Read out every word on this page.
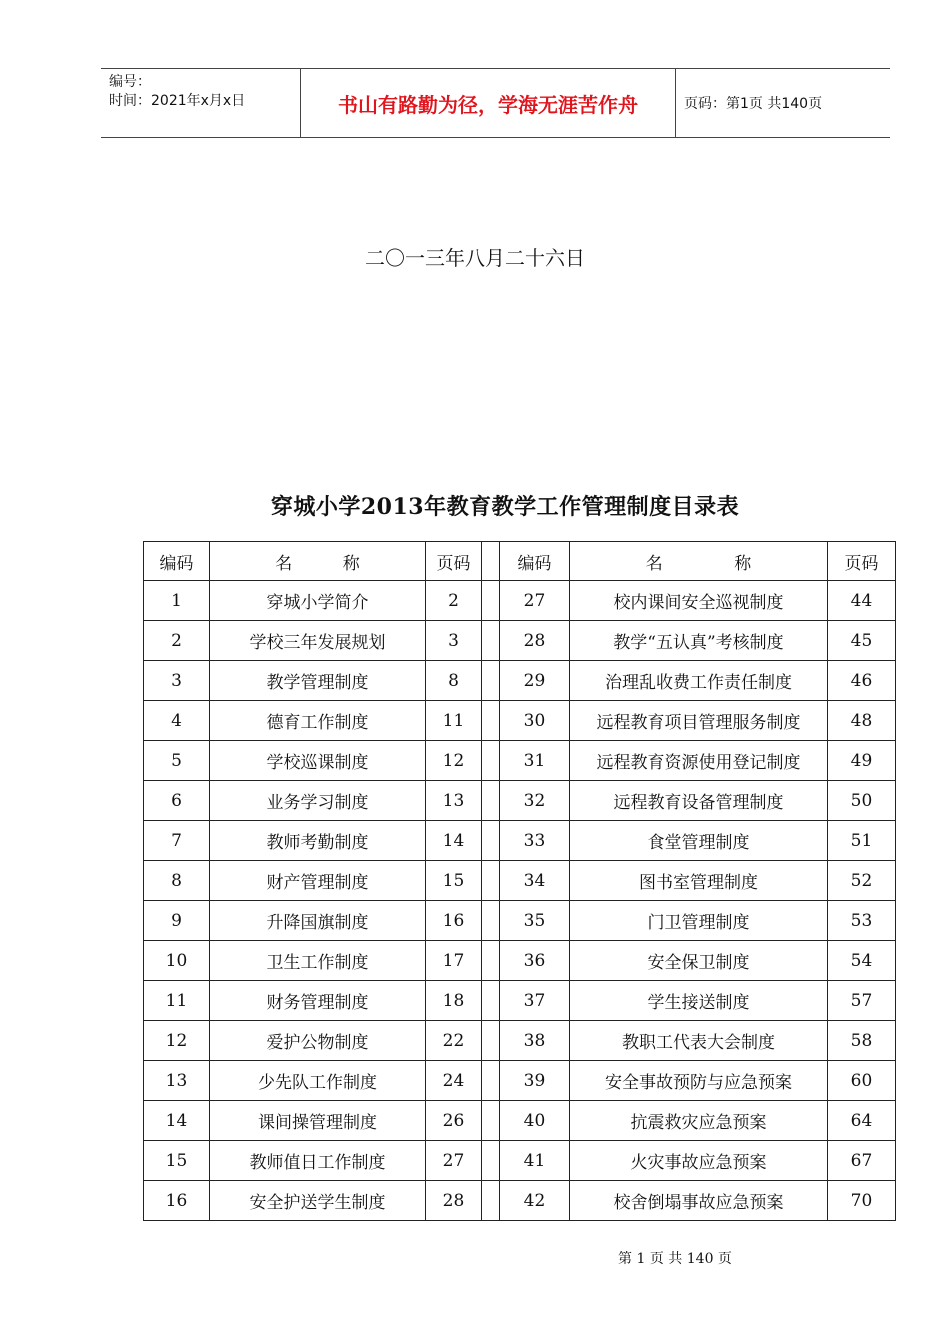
编号：
时间：2021年x月x日	书山有路勤为径，学海无涯苦作舟	页码：第1页 共140页
二〇一三年八月二十六日
穿城小学2013年教育教学工作管理制度目录表
编码	名 称	页码		编码	名 称	页码
1	穿城小学简介	2		27	校内课间安全巡视制度	44
2	学校三年发展规划	3		28	教学“五认真”考核制度	45
3	教学管理制度	8		29	治理乱收费工作责任制度	46
4	德育工作制度	11		30	远程教育项目管理服务制度	48
5	学校巡课制度	12		31	远程教育资源使用登记制度	49
6	业务学习制度	13		32	远程教育设备管理制度	50
7	教师考勤制度	14		33	食堂管理制度	51
8	财产管理制度	15		34	图书室管理制度	52
9	升降国旗制度	16		35	门卫管理制度	53
10	卫生工作制度	17		36	安全保卫制度	54
11	财务管理制度	18		37	学生接送制度	57
12	爱护公物制度	22		38	教职工代表大会制度	58
13	少先队工作制度	24		39	安全事故预防与应急预案	60
14	课间操管理制度	26		40	抗震救灾应急预案	64
15	教师值日工作制度	27		41	火灾事故应急预案	67
16	安全护送学生制度	28		42	校舍倒塌事故应急预案	70
第 1 页 共 140 页
